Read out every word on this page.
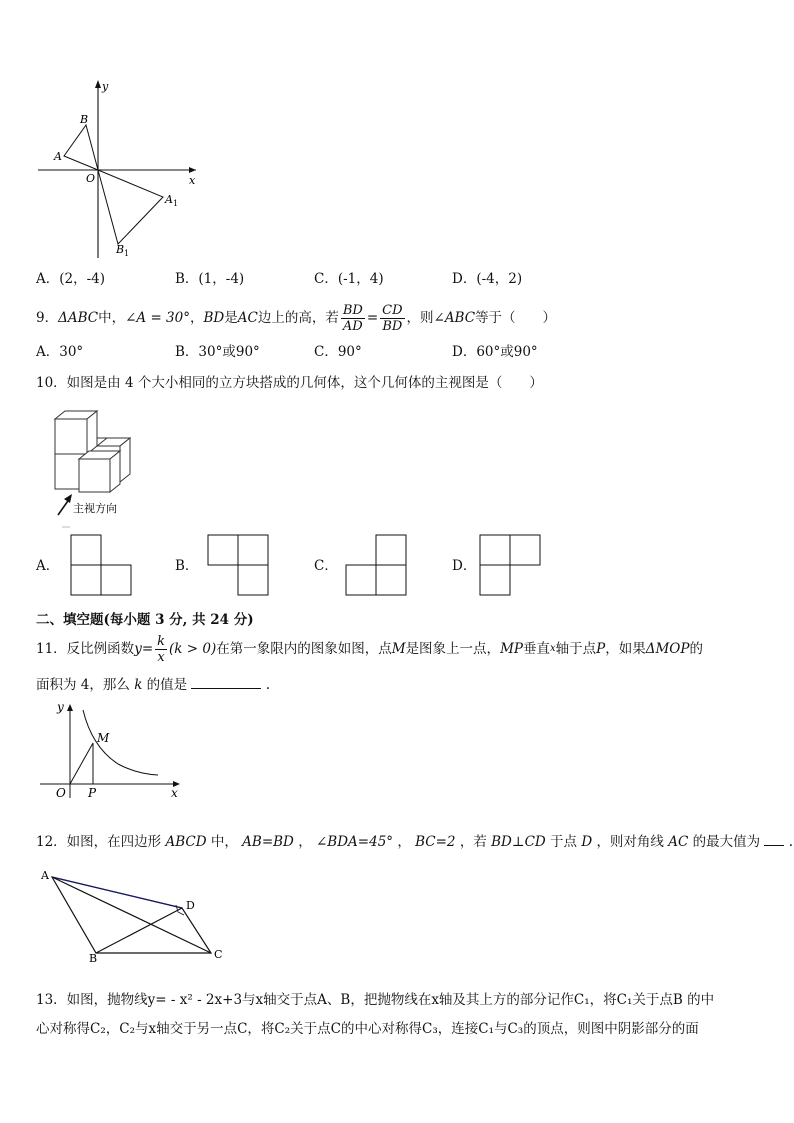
y
x
O
A
B
A 1
B 1
A．(2，-4)	B．(1，-4)	C．(-1，4)	D．(-4，2)
9． ΔABC 中， ∠A = 30° ， BD 是 AC 边上的高，若 $\frac{BD}{AD} = \frac{CD}{BD}$ ，则∠ ABC 等于（　　）
A．30°	B．30°或90°	C．90°	D．60°或90°
10．如图是由 4 个大小相同的立方块搭成的几何体，这个几何体的主视图是（　　）
主视方向
A．	B．	C．	D．
二、填空题(每小题 3 分, 共 24 分)
11．反比例函数 $y = \frac{k}{x} (k > 0)$ 在第一象限内的图象如图，点 M 是图象上一点， MP 垂直 x 轴于点 P ，如果 ΔMOP 的
面积为 4，那么 k 的值是	.
y
x
O P
M
12．如图，在四边形 ABCD 中， AB=BD ， ∠BDA=45° ， BC=2 ，若 BD⊥CD 于点 D ，则对角线 AC 的最大值为 .
A
B	C
D
13．如图，抛物线y= - x² - 2x+3与x轴交于点A、B，把抛物线在x轴及其上方的部分记作C₁，将C₁关于点B 的中
心对称得C₂，C₂与x轴交于另一点C，将C₂关于点C的中心对称得C₃，连接C₁与C₃的顶点，则图中阴影部分的面
